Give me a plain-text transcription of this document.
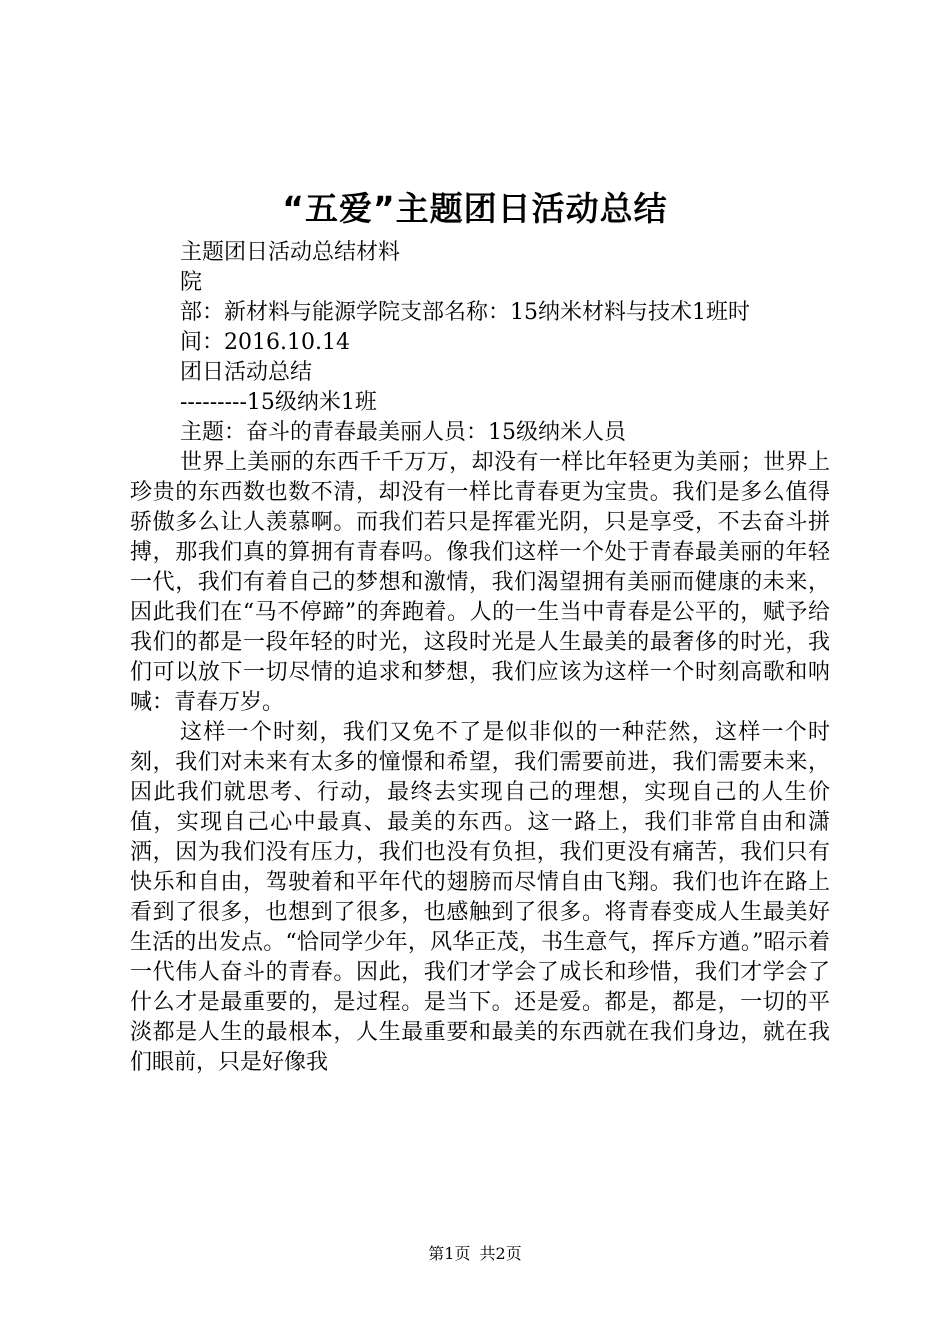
“五爱”主题团日活动总结

主题团日活动总结材料

院

部：新材料与能源学院支部名称：15纳米材料与技术1班时

间：2016.10.14

团日活动总结

---------15级纳米1班

主题：奋斗的青春最美丽人员：15级纳米人员

世界上美丽的东西千千万万，却没有一样比年轻更为美丽；世界上珍贵的东西数也数不清，却没有一样比青春更为宝贵。我们是多么值得骄傲多么让人羡慕啊。而我们若只是挥霍光阴，只是享受，不去奋斗拼搏，那我们真的算拥有青春吗。像我们这样一个处于青春最美丽的年轻一代，我们有着自己的梦想和激情，我们渴望拥有美丽而健康的未来，因此我们在“马不停蹄”的奔跑着。人的一生当中青春是公平的，赋予给我们的都是一段年轻的时光，这段时光是人生最美的最奢侈的时光，我们可以放下一切尽情的追求和梦想，我们应该为这样一个时刻高歌和呐喊：青春万岁。

这样一个时刻，我们又免不了是似非似的一种茫然，这样一个时刻，我们对未来有太多的憧憬和希望，我们需要前进，我们需要未来，因此我们就思考、行动，最终去实现自己的理想，实现自己的人生价值，实现自己心中最真、最美的东西。这一路上，我们非常自由和潇洒，因为我们没有压力，我们也没有负担，我们更没有痛苦，我们只有快乐和自由，驾驶着和平年代的翅膀而尽情自由飞翔。我们也许在路上看到了很多，也想到了很多，也感触到了很多。将青春变成人生最美好生活的出发点。“恰同学少年，风华正茂，书生意气，挥斥方遒。”昭示着一代伟人奋斗的青春。因此，我们才学会了成长和珍惜，我们才学会了什么才是最重要的，是过程。是当下。还是爱。都是，都是，一切的平淡都是人生的最根本，人生最重要和最美的东西就在我们身边，就在我们眼前，只是好像我

第1页 共2页
